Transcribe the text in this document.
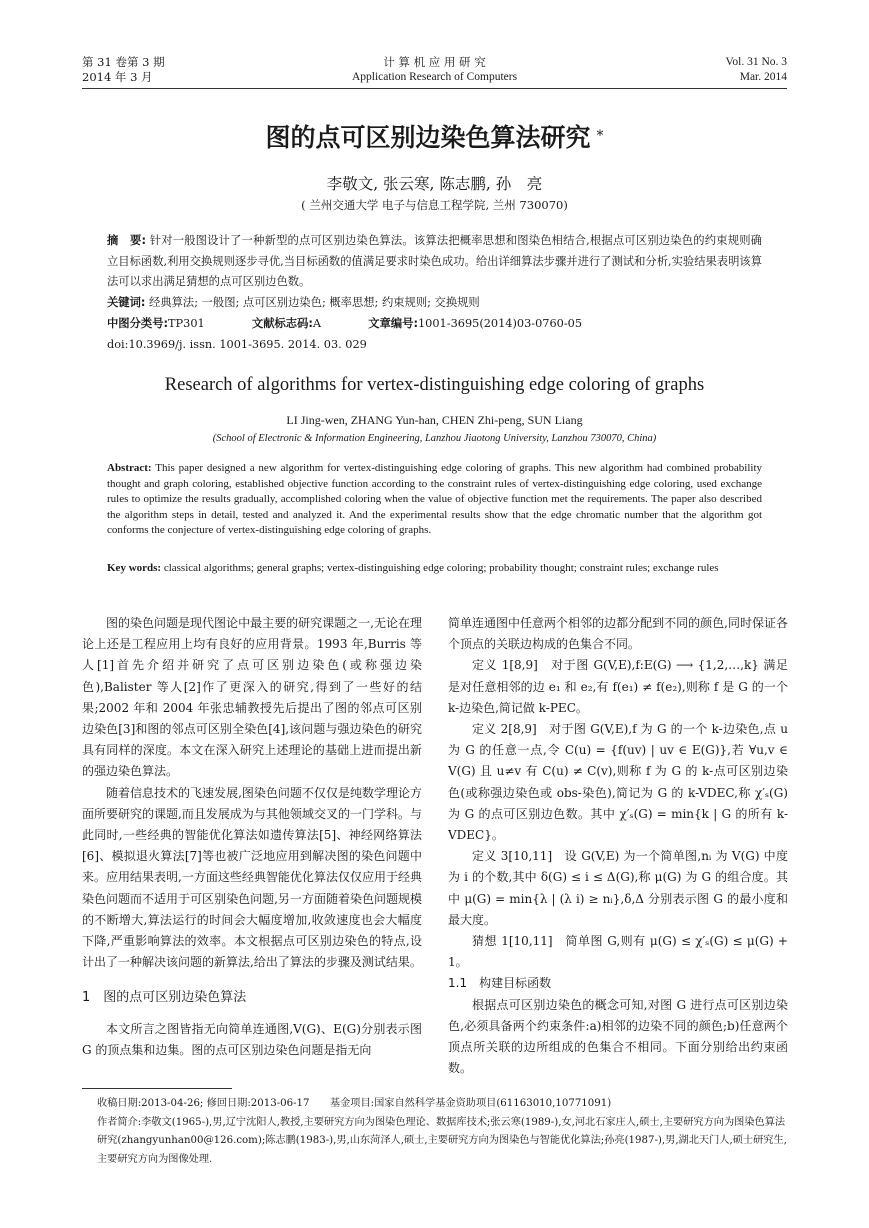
第 31 卷第 3 期
2014 年 3 月
计 算 机 应 用 研 究
Application Research of Computers
Vol. 31 No. 3
Mar. 2014
图的点可区别边染色算法研究 *
李敬文, 张云寒, 陈志鹏, 孙　亮
( 兰州交通大学 电子与信息工程学院, 兰州 730070)
摘　要: 针对一般图设计了一种新型的点可区别边染色算法。该算法把概率思想和图染色相结合,根据点可区别边染色的约束规则确立目标函数,利用交换规则逐步寻优,当目标函数的值满足要求时染色成功。给出详细算法步骤并进行了测试和分析,实验结果表明该算法可以求出满足猜想的点可区别边色数。
关键词: 经典算法; 一般图; 点可区别边染色; 概率思想; 约束规则; 交换规则
中图分类号:TP301	文献标志码:A	文章编号:1001-3695(2014)03-0760-05
doi:10.3969/j. issn. 1001-3695. 2014. 03. 029
Research of algorithms for vertex-distinguishing edge coloring of graphs
LI Jing-wen, ZHANG Yun-han, CHEN Zhi-peng, SUN Liang
(School of Electronic & Information Engineering, Lanzhou Jiaotong University, Lanzhou 730070, China)
Abstract: This paper designed a new algorithm for vertex-distinguishing edge coloring of graphs. This new algorithm had combined probability thought and graph coloring, established objective function according to the constraint rules of vertex-distinguishing edge coloring, used exchange rules to optimize the results gradually, accomplished coloring when the value of objective function met the requirements. The paper also described the algorithm steps in detail, tested and analyzed it. And the experimental results show that the edge chromatic number that the algorithm got conforms the conjecture of vertex-distinguishing edge coloring of graphs.
Key words: classical algorithms; general graphs; vertex-distinguishing edge coloring; probability thought; constraint rules; exchange rules

图的染色问题是现代图论中最主要的研究课题之一,无论在理论上还是工程应用上均有良好的应用背景。1993 年,Burris 等人[1]首先介绍并研究了点可区别边染色(或称强边染色),Balister 等人[2]作了更深入的研究,得到了一些好的结果;2002 年和 2004 年张忠辅教授先后提出了图的邻点可区别边染色[3]和图的邻点可区别全染色[4],该问题与强边染色的研究具有同样的深度。本文在深入研究上述理论的基础上进而提出新的强边染色算法。

随着信息技术的飞速发展,图染色问题不仅仅是纯数学理论方面所要研究的课题,而且发展成为与其他领域交叉的一门学科。与此同时,一些经典的智能优化算法如遗传算法[5]、神经网络算法[6]、模拟退火算法[7]等也被广泛地应用到解决图的染色问题中来。应用结果表明,一方面这些经典智能优化算法仅仅应用于经典染色问题而不适用于可区别染色问题,另一方面随着染色问题规模的不断增大,算法运行的时间会大幅度增加,收敛速度也会大幅度下降,严重影响算法的效率。本文根据点可区别边染色的特点,设计出了一种解决该问题的新算法,给出了算法的步骤及测试结果。

1　图的点可区别边染色算法

本文所言之图皆指无向简单连通图,V(G)、E(G)分别表示图 G 的顶点集和边集。图的点可区别边染色问题是指无向

简单连通图中任意两个相邻的边都分配到不同的颜色,同时保证各个顶点的关联边构成的色集合不同。

定义 1[8,9]　对于图 G(V,E),f:E(G) ⟶ {1,2,…,k} 满足是对任意相邻的边 e₁ 和 e₂,有 f(e₁) ≠ f(e₂),则称 f 是 G 的一个 k-边染色,简记做 k-PEC。

定义 2[8,9]　对于图 G(V,E),f 为 G 的一个 k-边染色,点 u 为 G 的任意一点,令 C(u) = {f(uv) | uv ∈ E(G)},若 ∀u,v ∈ V(G) 且 u≠v 有 C(u) ≠ C(v),则称 f 为 G 的 k-点可区别边染色(或称强边染色或 obs-染色),简记为 G 的 k-VDEC,称 χ′ₛ(G) 为 G 的点可区别边色数。其中 χ′ₛ(G) = min{k | G 的所有 k-VDEC}。

定义 3[10,11]　设 G(V,E) 为一个简单图,nᵢ 为 V(G) 中度为 i 的个数,其中 δ(G) ≤ i ≤ Δ(G),称 μ(G) 为 G 的组合度。其中 μ(G) = min{λ | (λ i) ≥ nᵢ},δ,Δ 分别表示图 G 的最小度和最大度。

猜想 1[10,11]　简单图 G,则有 μ(G) ≤ χ′ₛ(G) ≤ μ(G) + 1。

1.1　构建目标函数

根据点可区别边染色的概念可知,对图 G 进行点可区别边染色,必须具备两个约束条件:a)相邻的边染不同的颜色;b)任意两个顶点所关联的边所组成的色集合不相同。下面分别给出约束函数。

收稿日期:2013-04-26; 修回日期:2013-06-17　　基金项目:国家自然科学基金资助项目(61163010,10771091)
作者简介:李敬文(1965-),男,辽宁沈阳人,教授,主要研究方向为图染色理论、数据库技术;张云寒(1989-),女,河北石家庄人,硕士,主要研究方向为图染色算法研究(zhangyunhan00@126.com);陈志鹏(1983-),男,山东菏泽人,硕士,主要研究方向为图染色与智能优化算法;孙亮(1987-),男,湖北天门人,硕士研究生,主要研究方向为图像处理.
